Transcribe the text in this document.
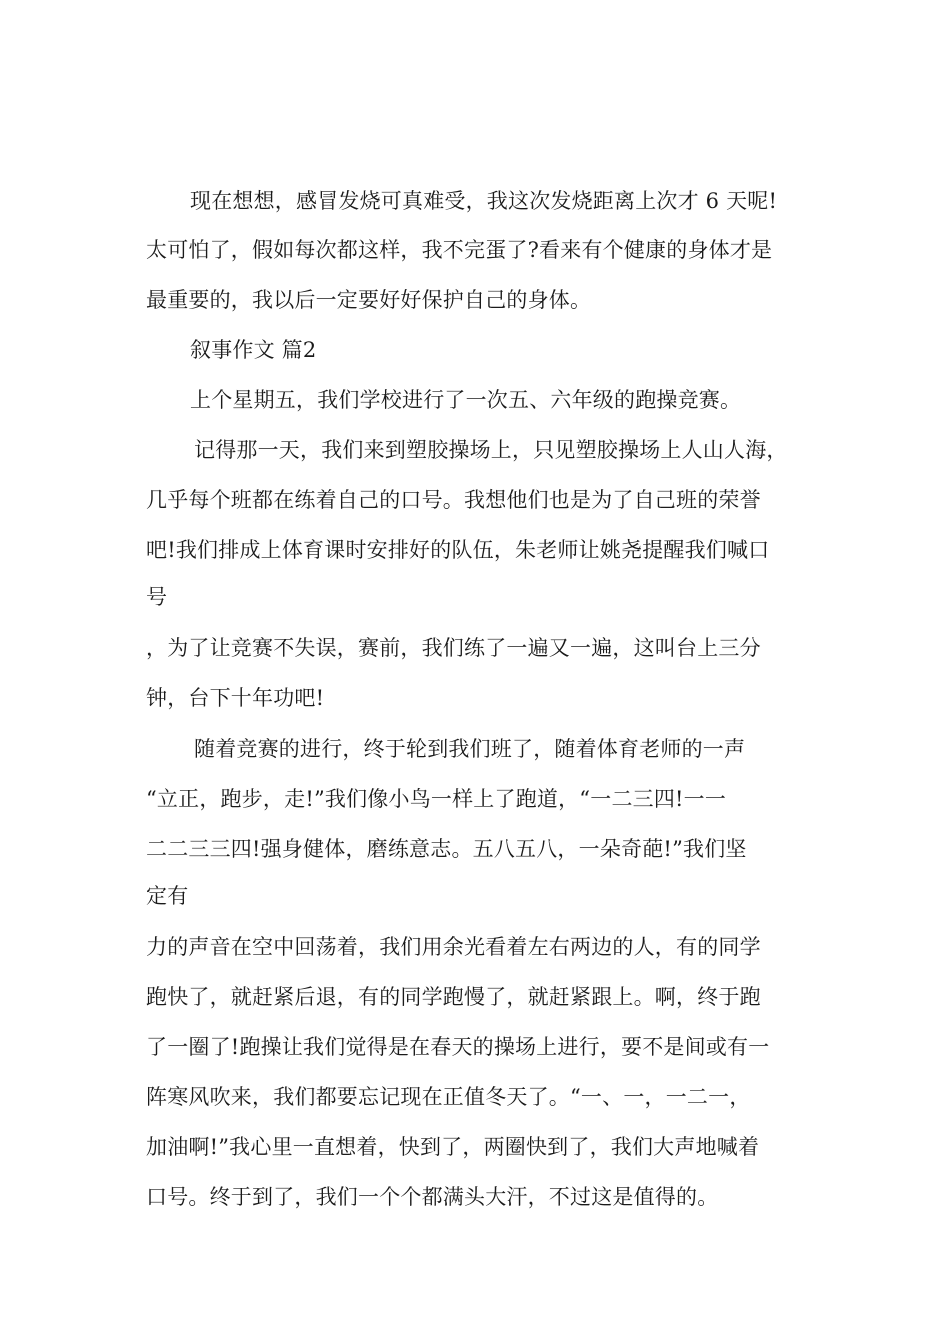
现在想想，感冒发烧可真难受，我这次发烧距离上次才 6 天呢!
太可怕了，假如每次都这样，我不完蛋了?看来有个健康的身体才是
最重要的，我以后一定要好好保护自己的身体。
叙事作文 篇2
上个星期五，我们学校进行了一次五、六年级的跑操竞赛。
记得那一天，我们来到塑胶操场上，只见塑胶操场上人山人海，
几乎每个班都在练着自己的口号。我想他们也是为了自己班的荣誉
吧!我们排成上体育课时安排好的队伍，朱老师让姚尧提醒我们喊口
号
，为了让竞赛不失误，赛前，我们练了一遍又一遍，这叫台上三分
钟，台下十年功吧!
随着竞赛的进行，终于轮到我们班了，随着体育老师的一声
“立正，跑步，走!”我们像小鸟一样上了跑道，“一二三四!一一
二二三三四!强身健体，磨练意志。五八五八，一朵奇葩!”我们坚
定有
力的声音在空中回荡着，我们用余光看着左右两边的人，有的同学
跑快了，就赶紧后退，有的同学跑慢了，就赶紧跟上。啊，终于跑
了一圈了!跑操让我们觉得是在春天的操场上进行，要不是间或有一
阵寒风吹来，我们都要忘记现在正值冬天了。“一、一，一二一，
加油啊!”我心里一直想着，快到了，两圈快到了，我们大声地喊着
口号。终于到了，我们一个个都满头大汗，不过这是值得的。
